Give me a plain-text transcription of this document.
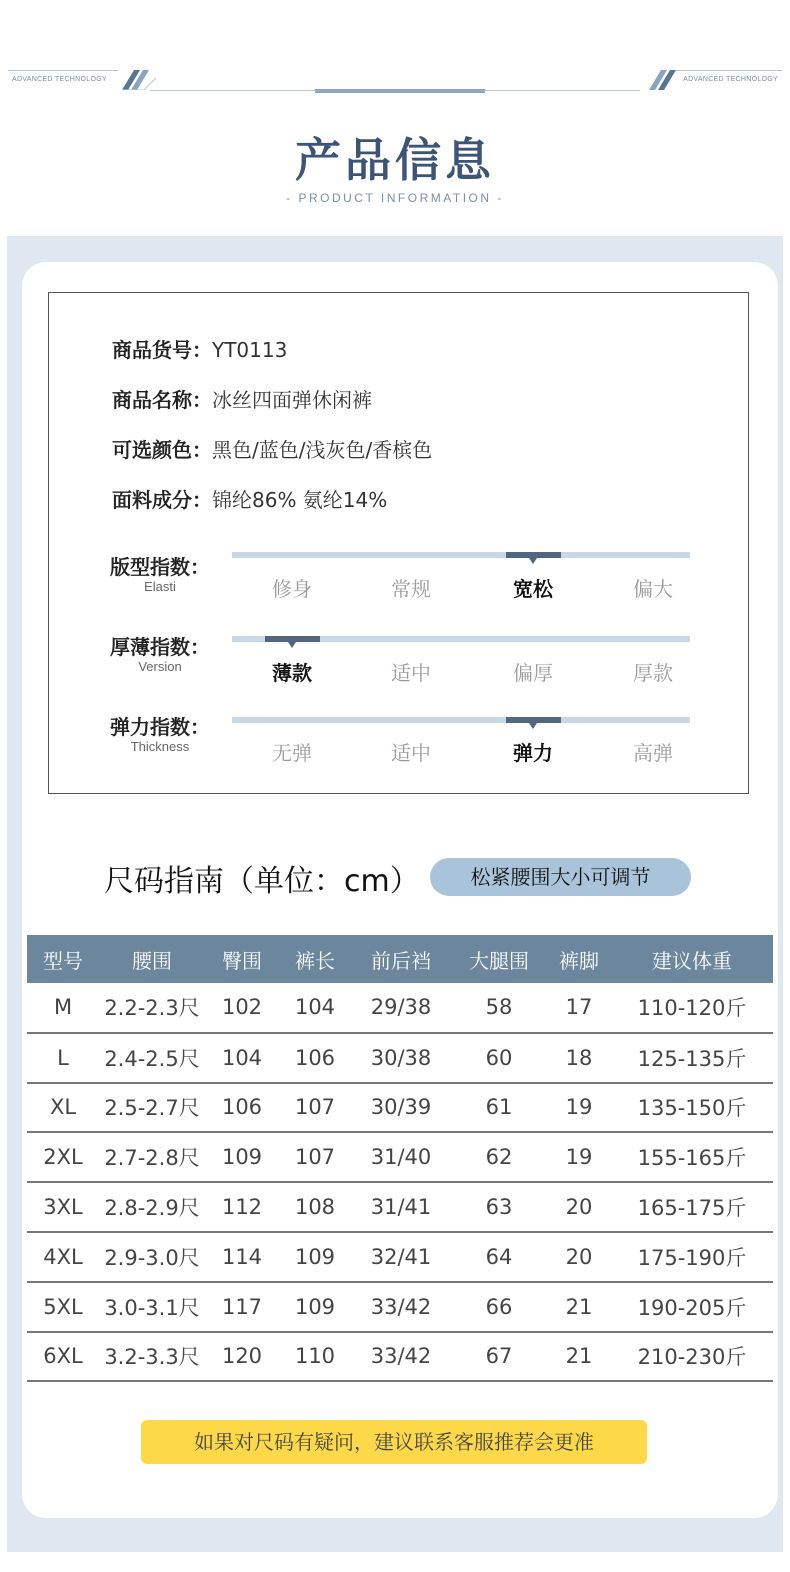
ADVANCED TECHNOLOGY	ADVANCED TECHNOLOGY
产品信息
- PRODUCT INFORMATION -
商品货号：YT0113
商品名称：冰丝四面弹休闲裤
可选颜色：黑色/蓝色/浅灰色/香槟色
面料成分：锦纶86% 氨纶14%
版型指数：
Elasti	修身	常规	宽松	偏大
厚薄指数：
Version	薄款	适中	偏厚	厚款
弹力指数：
Thickness	无弹	适中	弹力	高弹
尺码指南（单位：cm）	松紧腰围大小可调节
型号	腰围	臀围	裤长	前后裆	大腿围	裤脚	建议体重
M	2.2-2.3尺	102	104	29/38	58	17	110-120斤
L	2.4-2.5尺	104	106	30/38	60	18	125-135斤
XL	2.5-2.7尺	106	107	30/39	61	19	135-150斤
2XL	2.7-2.8尺	109	107	31/40	62	19	155-165斤
3XL	2.8-2.9尺	112	108	31/41	63	20	165-175斤
4XL	2.9-3.0尺	114	109	32/41	64	20	175-190斤
5XL	3.0-3.1尺	117	109	33/42	66	21	190-205斤
6XL	3.2-3.3尺	120	110	33/42	67	21	210-230斤
如果对尺码有疑问，建议联系客服推荐会更准
